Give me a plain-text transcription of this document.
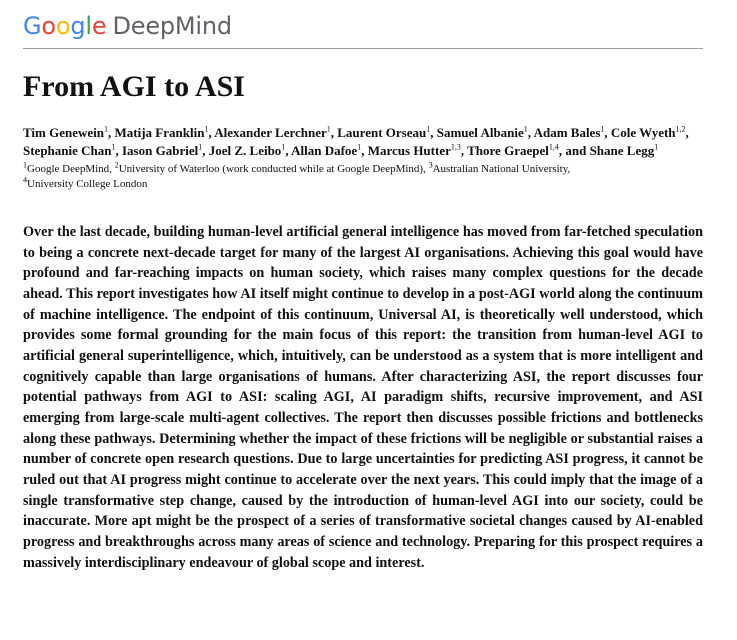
G o o g l e DeepMind
From AGI to ASI
Tim Genewein$^1$, Matija Franklin$^1$, Alexander Lerchner$^1$, Laurent Orseau$^1$, Samuel Albanie$^1$, Adam Bales$^1$, Cole Wyeth$^{1,2}$, Stephanie Chan$^1$, Iason Gabriel$^1$, Joel Z. Leibo$^1$, Allan Dafoe$^1$, Marcus Hutter$^{1,3}$, Thore Graepel$^{1,4}$, and Shane Legg$^1$
$^1$Google DeepMind, $^2$University of Waterloo (work conducted while at Google DeepMind), $^3$Australian National University,
$^4$University College London
Over the last decade, building human-level artificial general intelligence has moved from far-fetched speculation to being a concrete next-decade target for many of the largest AI organisations. Achieving this goal would have profound and far-reaching impacts on human society, which raises many complex questions for the decade ahead. This report investigates how AI itself might continue to develop in a post-AGI world along the continuum of machine intelligence. The endpoint of this continuum, Universal AI, is theoretically well understood, which provides some formal grounding for the main focus of this report: the transition from human-level AGI to artificial general superintelligence, which, intuitively, can be understood as a system that is more intelligent and cognitively capable than large organisations of humans. After characterizing ASI, the report discusses four potential pathways from AGI to ASI: scaling AGI, AI paradigm shifts, recursive improvement, and ASI emerging from large-scale multi-agent collectives. The report then discusses possible frictions and bottlenecks along these pathways. Determining whether the impact of these frictions will be negligible or substantial raises a number of concrete open research questions. Due to large uncertainties for predicting ASI progress, it cannot be ruled out that AI progress might continue to accelerate over the next years. This could imply that the image of a single transformative step change, caused by the introduction of human-level AGI into our society, could be inaccurate. More apt might be the prospect of a series of transformative societal changes caused by AI-enabled progress and breakthroughs across many areas of science and technology. Preparing for this prospect requires a massively interdisciplinary endeavour of global scope and interest.
